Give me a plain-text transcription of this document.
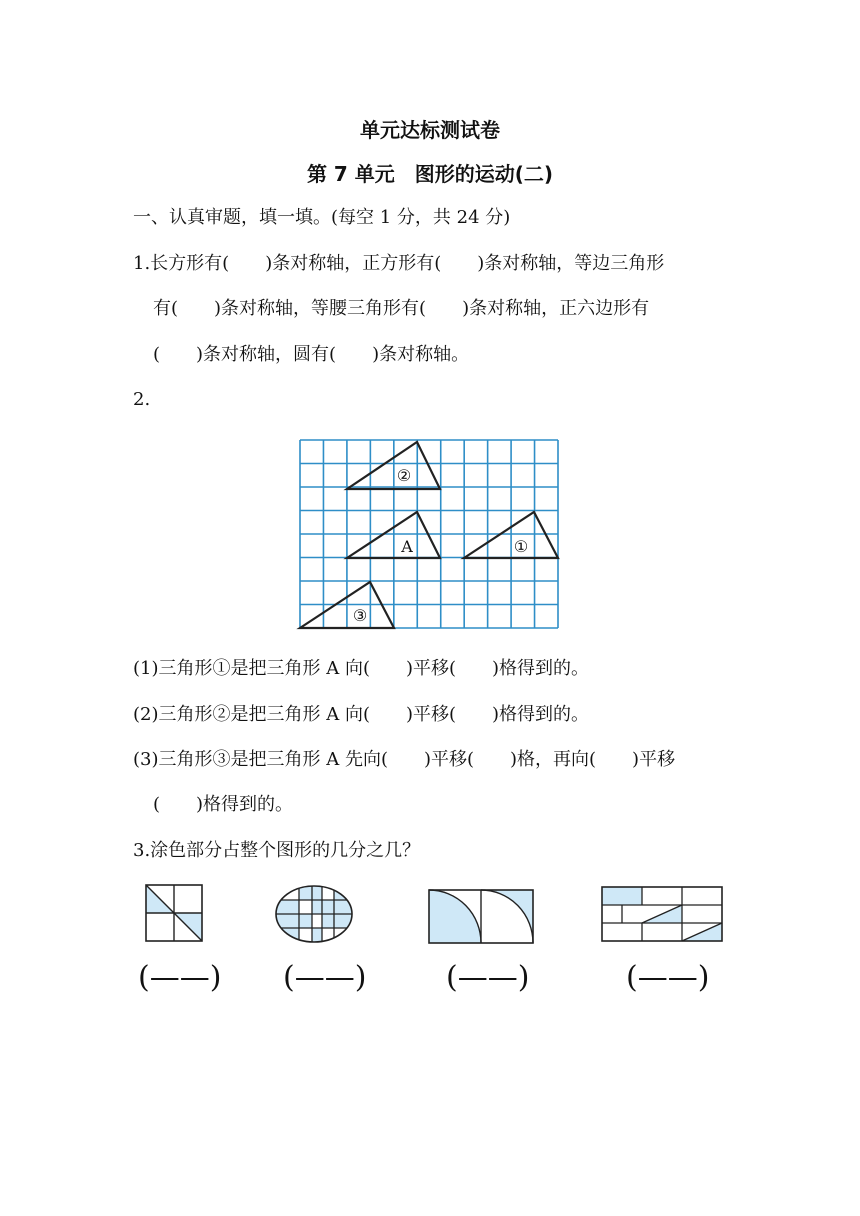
单元达标测试卷
第 7 单元　图形的运动(二)
一、认真审题，填一填。(每空 1 分，共 24 分)
1.长方形有(　　)条对称轴，正方形有(　　)条对称轴，等边三角形
有(　　)条对称轴，等腰三角形有(　　)条对称轴，正六边形有
(　　)条对称轴，圆有(　　)条对称轴。
2.
②
A	①
③
(1)三角形①是把三角形 A 向(　　)平移(　　)格得到的。
(2)三角形②是把三角形 A 向(　　)平移(　　)格得到的。
(3)三角形③是把三角形 A 先向(　　)平移(　　)格，再向(　　)平移
(　　)格得到的。
3.涂色部分占整个图形的几分之几？
(——) (——)	(——)	(——)
